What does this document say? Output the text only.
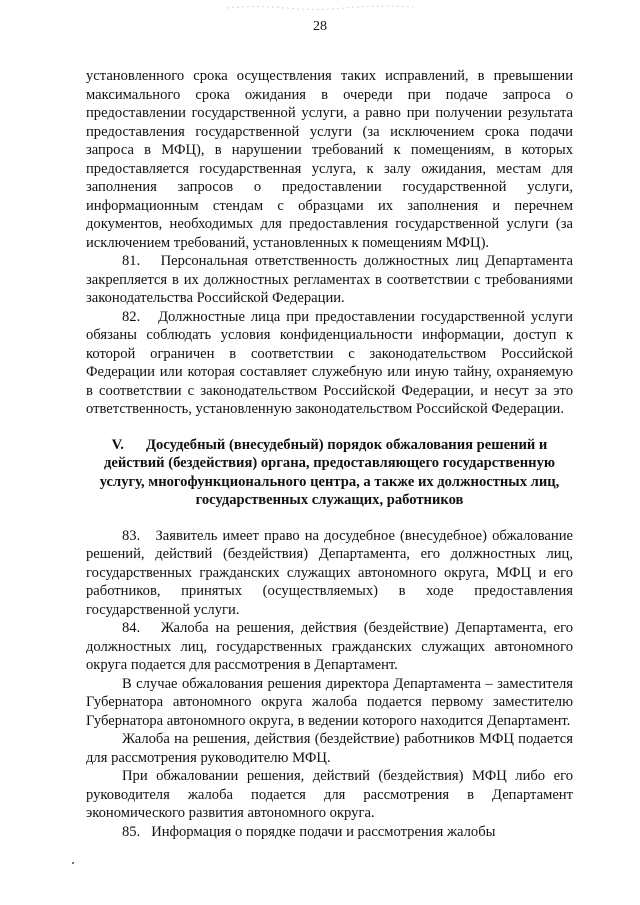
28

установленного срока осуществления таких исправлений, в превышении максимального срока ожидания в очереди при подаче запроса о предоставлении государственной услуги, а равно при получении результата предоставления государственной услуги (за исключением срока подачи запроса в МФЦ), в нарушении требований к помещениям, в которых предоставляется государственная услуга, к залу ожидания, местам для заполнения запросов о предоставлении государственной услуги, информационным стендам с образцами их заполнения и перечнем документов, необходимых для предоставления государственной услуги (за исключением требований, установленных к помещениям МФЦ).

81.   Персональная ответственность должностных лиц Департамента закрепляется в их должностных регламентах в соответствии с требованиями законодательства Российской Федерации.

82.   Должностные лица при предоставлении государственной услуги обязаны соблюдать условия конфиденциальности информации, доступ к которой ограничен в соответствии с законодательством Российской Федерации или которая составляет служебную или иную тайну, охраняемую в соответствии с законодательством Российской Федерации, и несут за это ответственность, установленную законодательством Российской Федерации.

V. Досудебный (внесудебный) порядок обжалования решений и действий (бездействия) органа, предоставляющего государственную услугу, многофункционального центра, а также их должностных лиц, государственных служащих, работников

83.   Заявитель имеет право на досудебное (внесудебное) обжалование решений, действий (бездействия) Департамента, его должностных лиц, государственных гражданских служащих автономного округа, МФЦ и его работников, принятых (осуществляемых) в ходе предоставления государственной услуги.

84.   Жалоба на решения, действия (бездействие) Департамента, его должностных лиц, государственных гражданских служащих автономного округа подается для рассмотрения в Департамент.

В случае обжалования решения директора Департамента – заместителя Губернатора автономного округа жалоба подается первому заместителю Губернатора автономного округа, в ведении которого находится Департамент.

Жалоба на решения, действия (бездействие) работников МФЦ подается для рассмотрения руководителю МФЦ.

При обжаловании решения, действий (бездействия) МФЦ либо его руководителя жалоба подается для рассмотрения в Департамент экономического развития автономного округа.

85.   Информация о порядке подачи и рассмотрения жалобы
